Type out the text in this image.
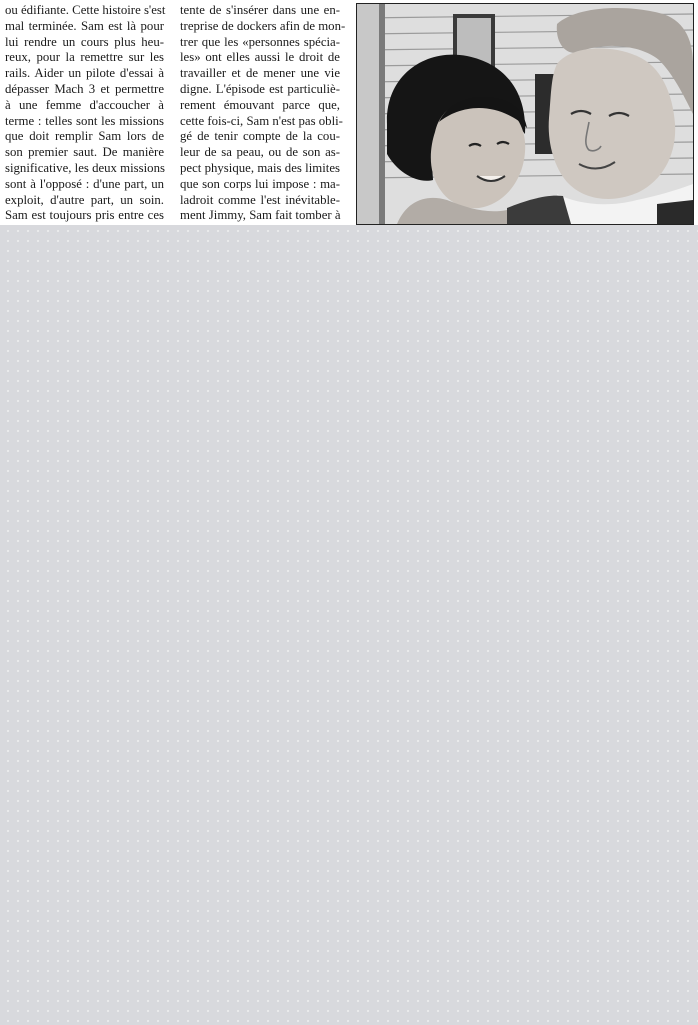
ou édifiante. Cette histoire s'est
mal terminée. Sam est là pour
lui rendre un cours plus heu-
reux, pour la remettre sur les
rails. Aider un pilote d'essai à
dépasser Mach 3 et permettre
à une femme d'accoucher à
terme : telles sont les missions
que doit remplir Sam lors de
son premier saut. De manière
significative, les deux missions
sont à l'opposé : d'une part, un
exploit, d'autre part, un soin.
Sam est toujours pris entre ces
tente de s'insérer dans une en-
treprise de dockers afin de mon-
trer que les «personnes spécia-
les» ont elles aussi le droit de
travailler et de mener une vie
digne. L'épisode est particuliè-
rement émouvant parce que,
cette fois-ci, Sam n'est pas obli-
gé de tenir compte de la cou-
leur de sa peau, ou de son as-
pect physique, mais des limites
que son corps lui impose : ma-
ladroit comme l'est inévitable-
ment Jimmy, Sam fait tomber à
